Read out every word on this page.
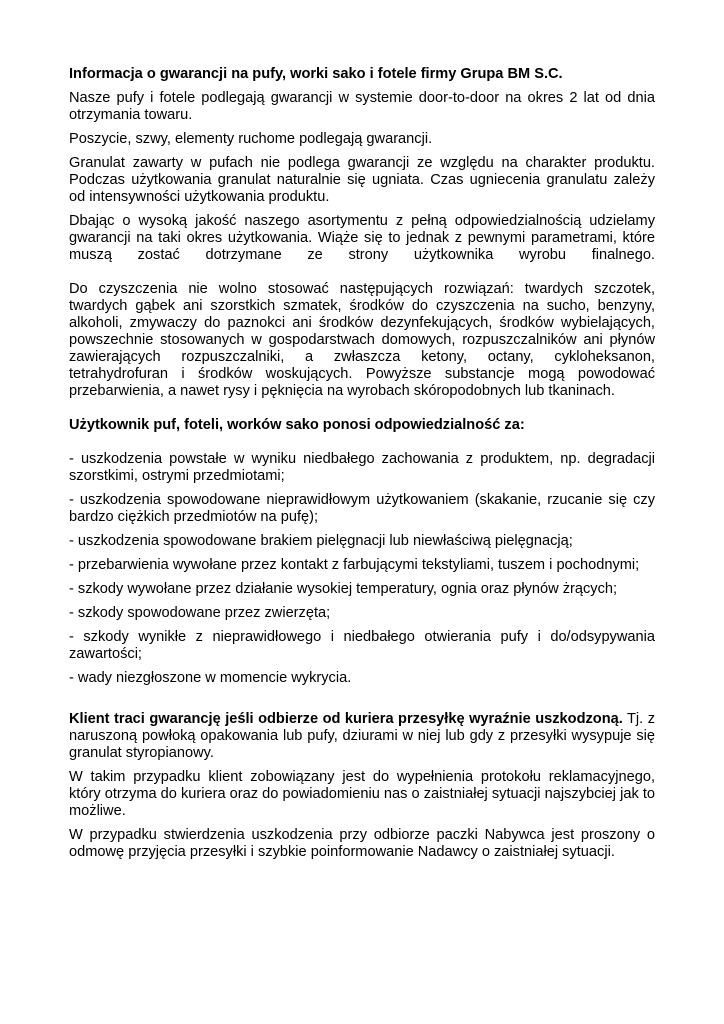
Informacja o gwarancji na pufy, worki sako i fotele firmy Grupa BM S.C.

Nasze pufy i fotele podlegają gwarancji w systemie door-to-door na okres 2 lat od dnia otrzymania towaru.

Poszycie, szwy, elementy ruchome podlegają gwarancji.

Granulat zawarty w pufach nie podlega gwarancji ze względu na charakter produktu. Podczas użytkowania granulat naturalnie się ugniata. Czas ugniecenia granulatu zależy od intensywności użytkowania produktu.

Dbając o wysoką jakość naszego asortymentu z pełną odpowiedzialnością udzielamy gwarancji na taki okres użytkowania. Wiąże się to jednak z pewnymi parametrami, które muszą zostać dotrzymane ze strony użytkownika wyrobu finalnego.

Do czyszczenia nie wolno stosować następujących rozwiązań: twardych szczotek, twardych gąbek ani szorstkich szmatek, środków do czyszczenia na sucho, benzyny, alkoholi, zmywaczy do paznokci ani środków dezynfekujących, środków wybielających, powszechnie stosowanych w gospodarstwach domowych, rozpuszczalników ani płynów zawierających rozpuszczalniki, a zwłaszcza ketony, octany, cykloheksanon, tetrahydrofuran i środków woskujących. Powyższe substancje mogą powodować przebarwienia, a nawet rysy i pęknięcia na wyrobach skóropodobnych lub tkaninach.

Użytkownik puf, foteli, worków sako ponosi odpowiedzialność za:

- uszkodzenia powstałe w wyniku niedbałego zachowania z produktem, np. degradacji szorstkimi, ostrymi przedmiotami;

- uszkodzenia spowodowane nieprawidłowym użytkowaniem (skakanie, rzucanie się czy bardzo ciężkich przedmiotów na pufę);

- uszkodzenia spowodowane brakiem pielęgnacji lub niewłaściwą pielęgnacją;

- przebarwienia wywołane przez kontakt z farbującymi tekstyliami, tuszem i pochodnymi;

- szkody wywołane przez działanie wysokiej temperatury, ognia oraz płynów żrących;

- szkody spowodowane przez zwierzęta;

- szkody wynikłe z nieprawidłowego i niedbałego otwierania pufy i do/odsypywania zawartości;

- wady niezgłoszone w momencie wykrycia.

Klient traci gwarancję jeśli odbierze od kuriera przesyłkę wyraźnie uszkodzoną. Tj. z naruszoną powłoką opakowania lub pufy, dziurami w niej lub gdy z przesyłki wysypuje się granulat styropianowy.

W takim przypadku klient zobowiązany jest do wypełnienia protokołu reklamacyjnego, który otrzyma do kuriera oraz do powiadomieniu nas o zaistniałej sytuacji najszybciej jak to możliwe.

W przypadku stwierdzenia uszkodzenia przy odbiorze paczki Nabywca jest proszony o odmowę przyjęcia przesyłki i szybkie poinformowanie Nadawcy o zaistniałej sytuacji.
